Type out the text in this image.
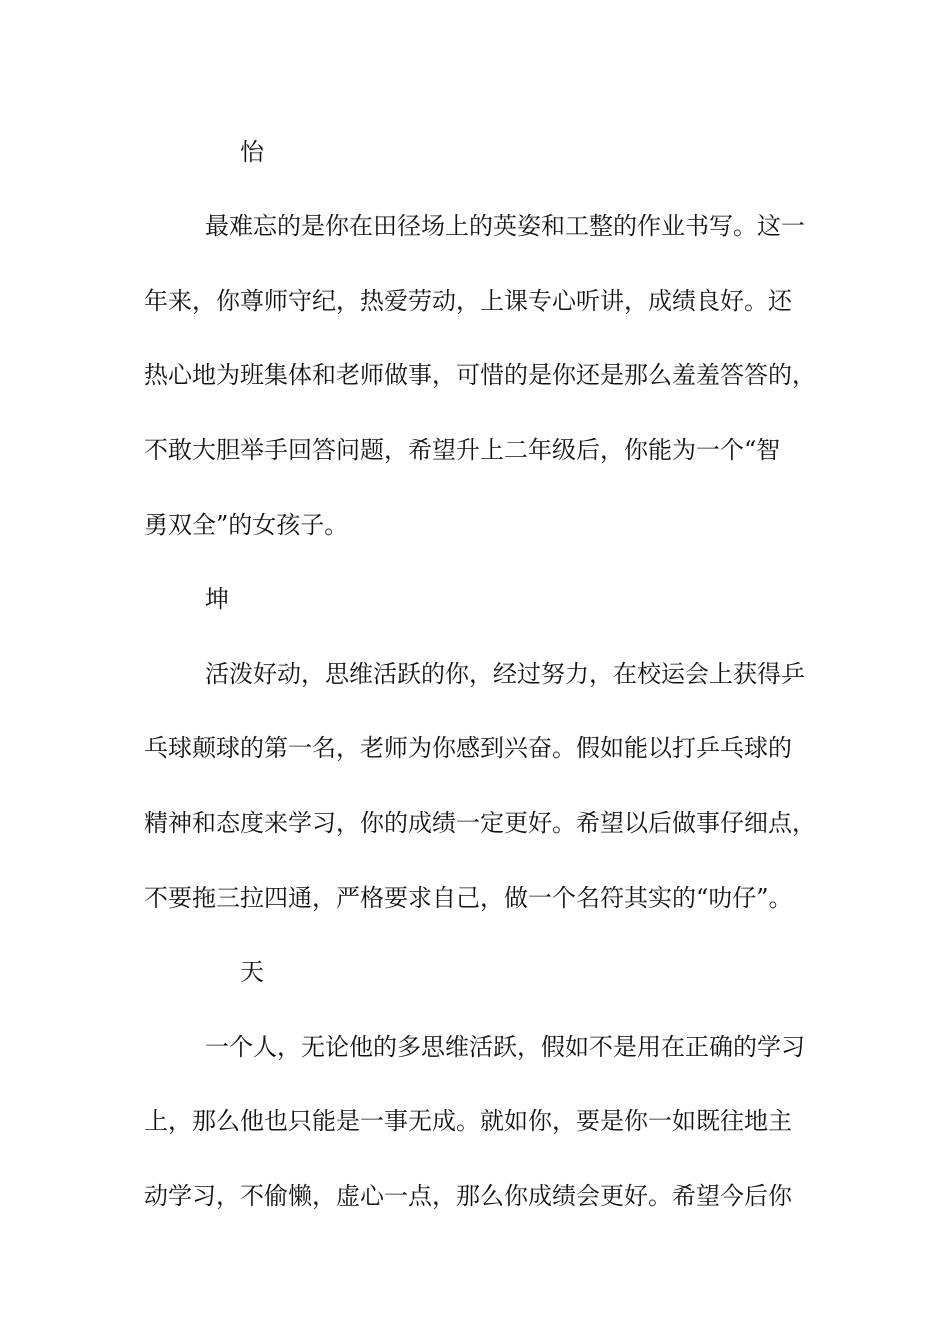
怡
最难忘的是你在田径场上的英姿和工整的作业书写。这一
年来，你尊师守纪，热爱劳动，上课专心听讲，成绩良好。还
热心地为班集体和老师做事，可惜的是你还是那么羞羞答答的，
不敢大胆举手回答问题，希望升上二年级后，你能为一个“智
勇双全”的女孩子。
坤
活泼好动，思维活跃的你，经过努力，在校运会上获得乒
乓球颠球的第一名，老师为你感到兴奋。假如能以打乒乓球的
精神和态度来学习，你的成绩一定更好。希望以后做事仔细点，
不要拖三拉四通，严格要求自己，做一个名符其实的“叻仔”。
天
一个人，无论他的多思维活跃，假如不是用在正确的学习
上，那么他也只能是一事无成。就如你，要是你一如既往地主
动学习，不偷懒，虚心一点，那么你成绩会更好。希望今后你
